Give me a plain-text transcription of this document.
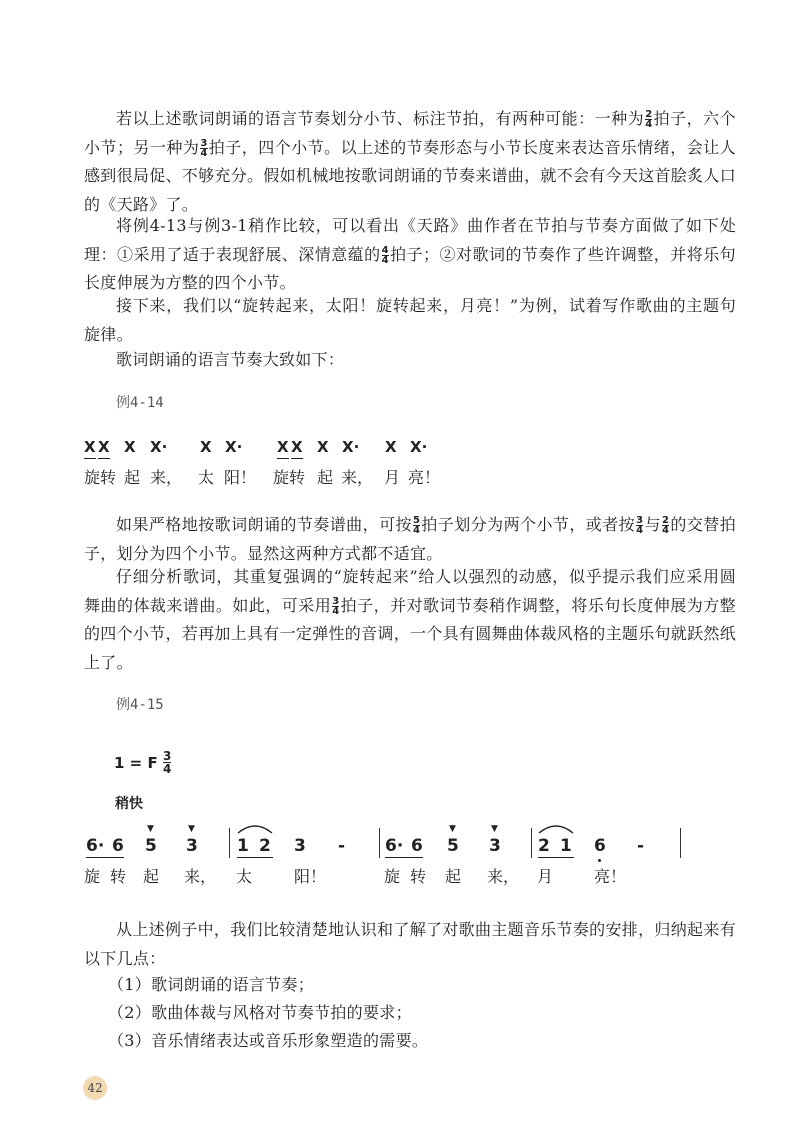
若以上述歌词朗诵的语言节奏划分小节、标注节拍，有两种可能：一种为 $\frac{2}{4}$ 拍子，六个小节；另一种为 $\frac{3}{4}$ 拍子，四个小节。以上述的节奏形态与小节长度来表达音乐情绪，会让人感到很局促、不够充分。假如机械地按歌词朗诵的节奏来谱曲，就不会有今天这首脍炙人口的《天路》了。

将例4-13与例3-1稍作比较，可以看出《天路》曲作者在节拍与节奏方面做了如下处理：①采用了适于表现舒展、深情意蕴的 $\frac{4}{4}$ 拍子；②对歌词的节奏作了些许调整，并将乐句长度伸展为方整的四个小节。

接下来，我们以“旋转起来，太阳！旋转起来，月亮！”为例，试着写作歌曲的主题句旋律。

歌词朗诵的语言节奏大致如下：

例4-14
X X X X· X X· X X X X· X X·
旋转 起 来， 太 阳！ 旋转 起 来， 月 亮！

如果严格地按歌词朗诵的节奏谱曲，可按 $\frac{5}{4}$ 拍子划分为两个小节，或者按 $\frac{3}{4}$ 与 $\frac{2}{4}$ 的交替拍子，划分为四个小节。显然这两种方式都不适宜。

仔细分析歌词，其重复强调的“旋转起来”给人以强烈的动感，似乎提示我们应采用圆舞曲的体裁来谱曲。如此，可采用 $\frac{3}{4}$ 拍子，并对歌词节奏稍作调整，将乐句长度伸展为方整的四个小节，若再加上具有一定弹性的音调，一个具有圆舞曲体裁风格的主题乐句就跃然纸上了。

例4-15
1 = F $\frac{3}{4}$
稍快
6· 6
▼
5
▼
3 1 2 3 - 6· 6
▼
5
▼
3 2 1 6 -
旋 转 起 来， 太	阳！	旋 转 起 来， 月	亮！

从上述例子中，我们比较清楚地认识和了解了对歌曲主题音乐节奏的安排，归纳起来有以下几点：

（1）歌词朗诵的语言节奏；

（2）歌曲体裁与风格对节奏节拍的要求；

（3）音乐情绪表达或音乐形象塑造的需要。

42
